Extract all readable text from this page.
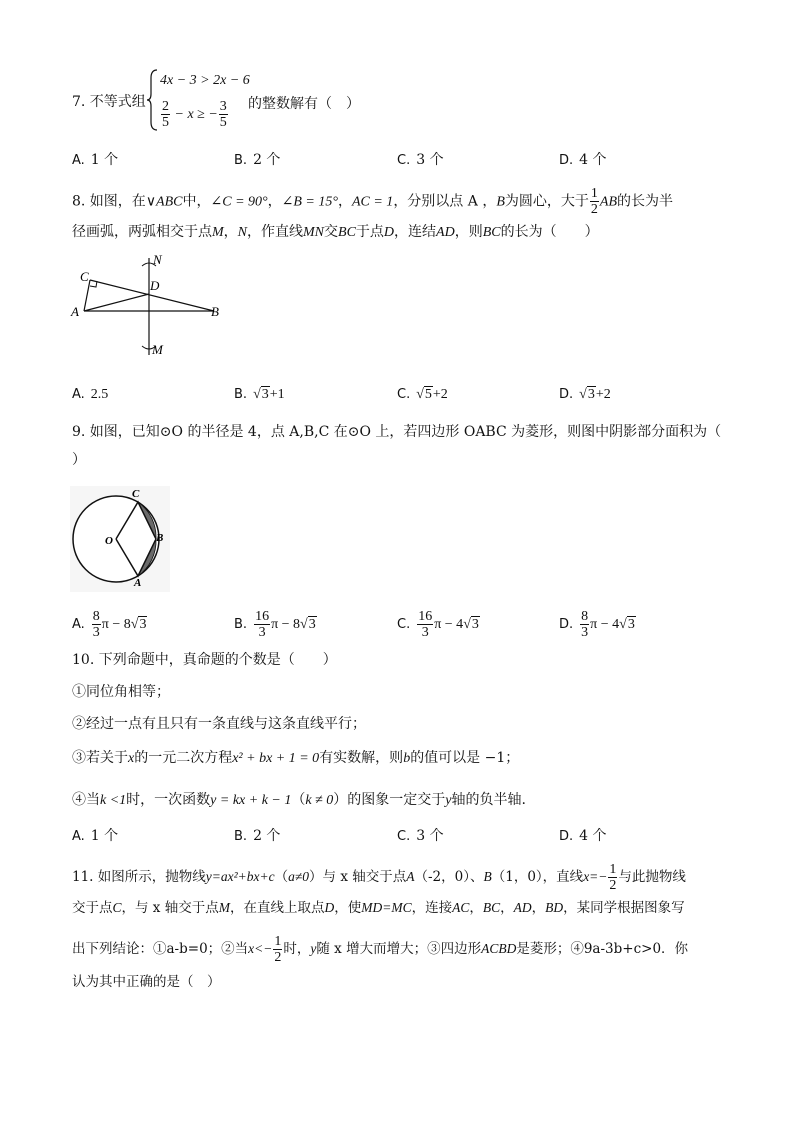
7. 不等式组
4x − 3 > 2x − 6
$\frac{2}{5} - x$ ≥ − $\frac{3}{5}$ 的整数解有（　）
A. 1 个	B. 2 个	C. 3 个	D. 4 个
8. 如图，在∨ABC中，∠C = 90°，∠B = 15°，AC = 1，分别以点 A ，B为圆心，大于 $\frac{1}{2}$ AB的长为半
径画弧，两弧相交于点M，N，作直线MN交BC于点D，连结AD，则BC的长为（　　）
C
N
D
A	B
M
A. 2.5	B. √3+1	C. √5+2	D. √3+2
9. 如图，已知⊙O 的半径是 4，点 A,B,C 在⊙O 上，若四边形 OABC 为菱形，则图中阴影部分面积为（
）
C
O	B
A
A. $\frac{8}{3}$ π − 8√3	B. $\frac{16}{3}$ π − 8√3	C. $\frac{16}{3}$ π − 4√3	D. $\frac{8}{3}$ π − 4√3
10. 下列命题中，真命题的个数是（　　）
①同位角相等；
②经过一点有且只有一条直线与这条直线平行；
③若关于x的一元二次方程x² + bx + 1 = 0有实数解，则b的值可以是 −1；
④当k <1时，一次函数y = kx + k − 1（k ≠ 0）的图象一定交于y轴的负半轴.
A. 1 个	B. 2 个	C. 3 个	D. 4 个
11. 如图所示，抛物线y=ax²+bx+c（a≠0）与 x 轴交于点A（-2，0）、B（1，0），直线$x=- \frac{1}{2}$ 与此抛物线
交于点C，与 x 轴交于点M，在直线上取点D，使MD=MC，连接AC，BC，AD，BD，某同学根据图象写
出下列结论：①a-b=0；②当$x<- \frac{1}{2}$ 时，y随 x 增大而增大；③四边形ACBD是菱形；④9a-3b+c>0．你
认为其中正确的是（　）
